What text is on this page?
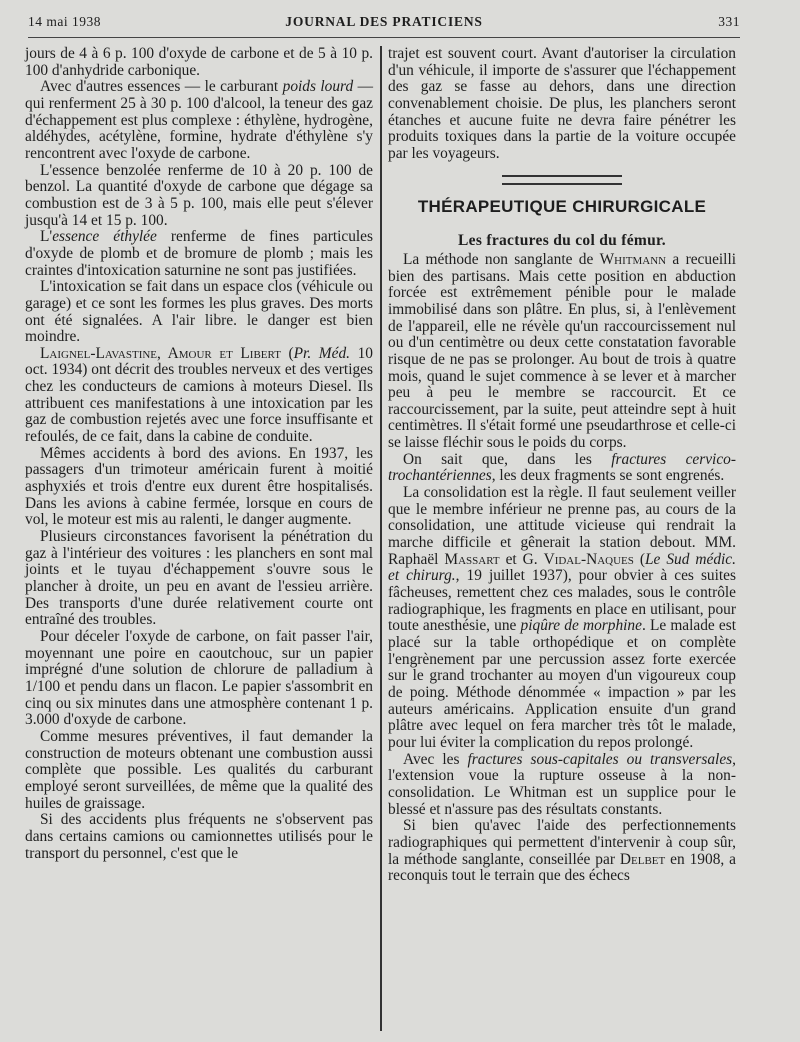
14 mai 1938	JOURNAL DES PRATICIENS	331

jours de 4 à 6 p. 100 d'oxyde de carbone et de 5 à 10 p. 100 d'anhydride carbonique.

Avec d'autres essences — le carburant poids lourd — qui renferment 25 à 30 p. 100 d'alcool, la teneur des gaz d'échappement est plus complexe : éthylène, hydrogène, aldéhydes, acétylène, formine, hydrate d'éthylène s'y rencontrent avec l'oxyde de carbone.

L'essence benzolée renferme de 10 à 20 p. 100 de benzol. La quantité d'oxyde de carbone que dégage sa combustion est de 3 à 5 p. 100, mais elle peut s'élever jusqu'à 14 et 15 p. 100.

L'essence éthylée renferme de fines particules d'oxyde de plomb et de bromure de plomb ; mais les craintes d'intoxication saturnine ne sont pas justifiées.

L'intoxication se fait dans un espace clos (véhicule ou garage) et ce sont les formes les plus graves. Des morts ont été signalées. A l'air libre. le danger est bien moindre.

Laignel-Lavastine, Amour et Libert (Pr. Méd. 10 oct. 1934) ont décrit des troubles nerveux et des vertiges chez les conducteurs de camions à moteurs Diesel. Ils attribuent ces manifestations à une intoxication par les gaz de combustion rejetés avec une force insuffisante et refoulés, de ce fait, dans la cabine de conduite.

Mêmes accidents à bord des avions. En 1937, les passagers d'un trimoteur américain furent à moitié asphyxiés et trois d'entre eux durent être hospitalisés. Dans les avions à cabine fermée, lorsque en cours de vol, le moteur est mis au ralenti, le danger augmente.

Plusieurs circonstances favorisent la pénétration du gaz à l'intérieur des voitures : les planchers en sont mal joints et le tuyau d'échappement s'ouvre sous le plancher à droite, un peu en avant de l'essieu arrière. Des transports d'une durée relativement courte ont entraîné des troubles.

Pour déceler l'oxyde de carbone, on fait passer l'air, moyennant une poire en caoutchouc, sur un papier imprégné d'une solution de chlorure de palladium à 1/100 et pendu dans un flacon. Le papier s'assombrit en cinq ou six minutes dans une atmosphère contenant 1 p. 3.000 d'oxyde de carbone.

Comme mesures préventives, il faut demander la construction de moteurs obtenant une combustion aussi complète que possible. Les qualités du carburant employé seront surveillées, de même que la qualité des huiles de graissage.

Si des accidents plus fréquents ne s'observent pas dans certains camions ou camionnettes utilisés pour le transport du personnel, c'est que le

trajet est souvent court. Avant d'autoriser la circulation d'un véhicule, il importe de s'assurer que l'échappement des gaz se fasse au dehors, dans une direction convenablement choisie. De plus, les planchers seront étanches et aucune fuite ne devra faire pénétrer les produits toxiques dans la partie de la voiture occupée par les voyageurs.

THÉRAPEUTIQUE CHIRURGICALE
Les fractures du col du fémur.

La méthode non sanglante de Whitmann a recueilli bien des partisans. Mais cette position en abduction forcée est extrêmement pénible pour le malade immobilisé dans son plâtre. En plus, si, à l'enlèvement de l'appareil, elle ne révèle qu'un raccourcissement nul ou d'un centimètre ou deux cette constatation favorable risque de ne pas se prolonger. Au bout de trois à quatre mois, quand le sujet commence à se lever et à marcher peu à peu le membre se raccourcit. Et ce raccourcissement, par la suite, peut atteindre sept à huit centimètres. Il s'était formé une pseudarthrose et celle-ci se laisse fléchir sous le poids du corps.

On sait que, dans les fractures cervico-trochantériennes, les deux fragments se sont engrenés.

La consolidation est la règle. Il faut seulement veiller que le membre inférieur ne prenne pas, au cours de la consolidation, une attitude vicieuse qui rendrait la marche difficile et gênerait la station debout. MM. Raphaël Massart et G. Vidal-Naques (Le Sud médic. et chirurg., 19 juillet 1937), pour obvier à ces suites fâcheuses, remettent chez ces malades, sous le contrôle radiographique, les fragments en place en utilisant, pour toute anesthésie, une piqûre de morphine. Le malade est placé sur la table orthopédique et on complète l'engrènement par une percussion assez forte exercée sur le grand trochanter au moyen d'un vigoureux coup de poing. Méthode dénommée « impaction » par les auteurs américains. Application ensuite d'un grand plâtre avec lequel on fera marcher très tôt le malade, pour lui éviter la complication du repos prolongé.

Avec les fractures sous-capitales ou transversales, l'extension voue la rupture osseuse à la non-consolidation. Le Whitman est un supplice pour le blessé et n'assure pas des résultats constants.

Si bien qu'avec l'aide des perfectionnements radiographiques qui permettent d'intervenir à coup sûr, la méthode sanglante, conseillée par Delbet en 1908, a reconquis tout le terrain que des échecs
